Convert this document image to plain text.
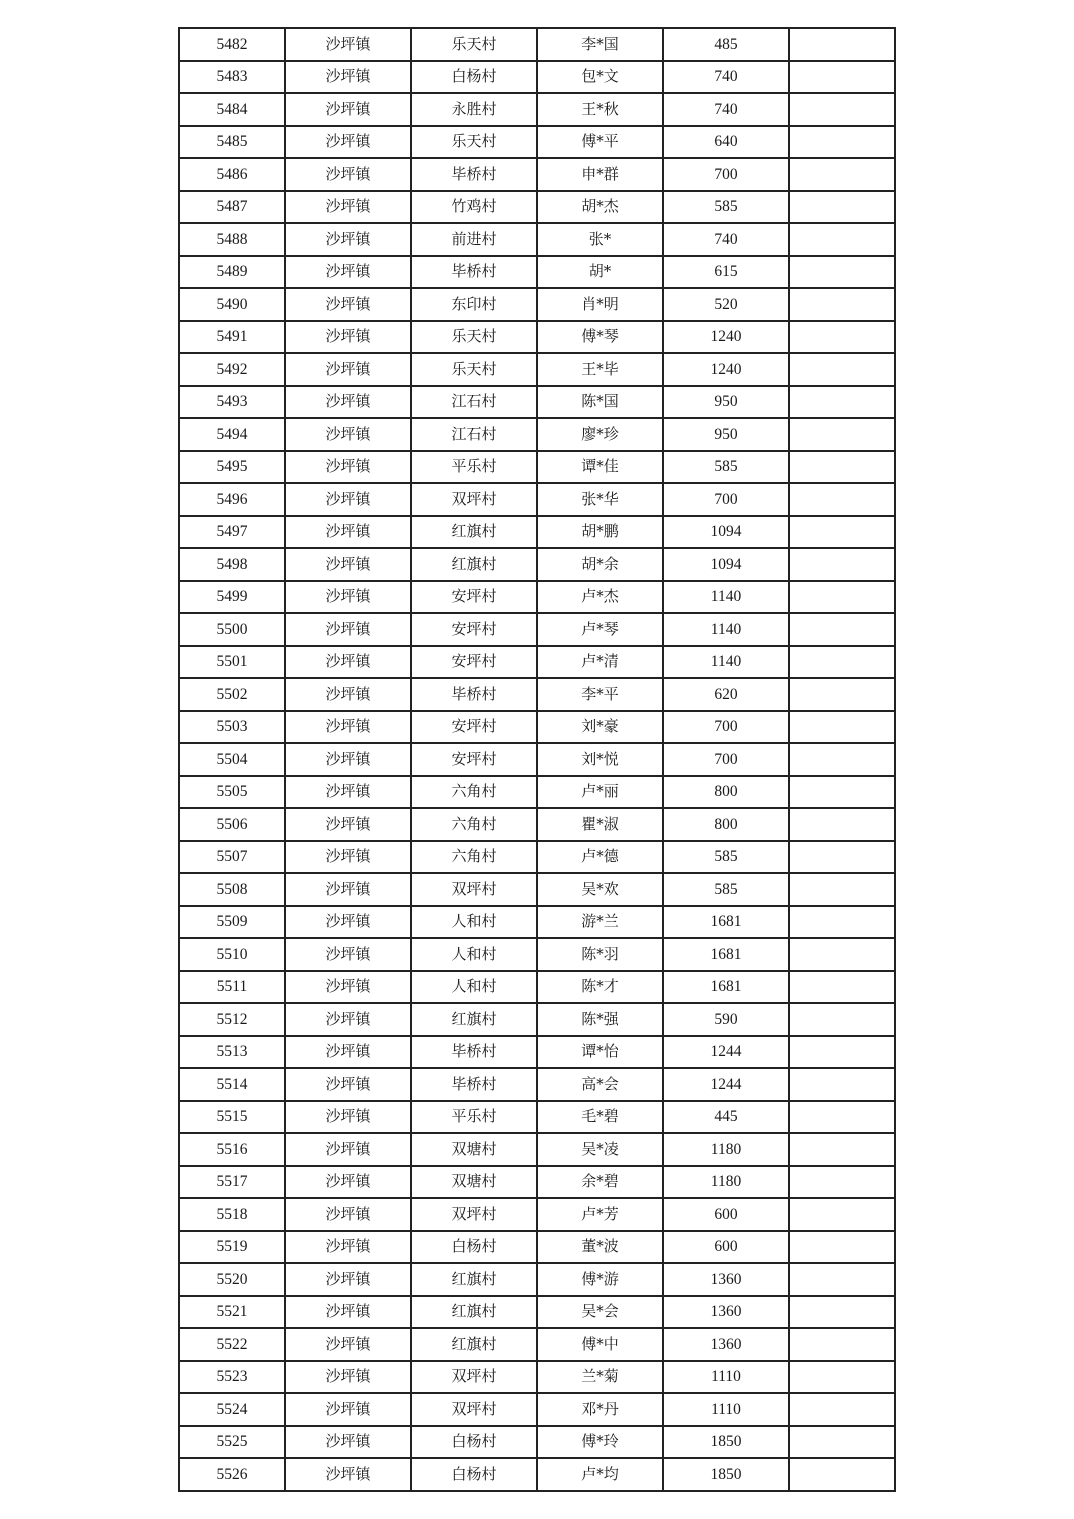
5482	沙坪镇	乐天村	李*国	485	
5483	沙坪镇	白杨村	包*文	740	
5484	沙坪镇	永胜村	王*秋	740	
5485	沙坪镇	乐天村	傅*平	640	
5486	沙坪镇	毕桥村	申*群	700	
5487	沙坪镇	竹鸡村	胡*杰	585	
5488	沙坪镇	前进村	张*	740	
5489	沙坪镇	毕桥村	胡*	615	
5490	沙坪镇	东印村	肖*明	520	
5491	沙坪镇	乐天村	傅*琴	1240	
5492	沙坪镇	乐天村	王*毕	1240	
5493	沙坪镇	江石村	陈*国	950	
5494	沙坪镇	江石村	廖*珍	950	
5495	沙坪镇	平乐村	谭*佳	585	
5496	沙坪镇	双坪村	张*华	700	
5497	沙坪镇	红旗村	胡*鹏	1094	
5498	沙坪镇	红旗村	胡*余	1094	
5499	沙坪镇	安坪村	卢*杰	1140	
5500	沙坪镇	安坪村	卢*琴	1140	
5501	沙坪镇	安坪村	卢*清	1140	
5502	沙坪镇	毕桥村	李*平	620	
5503	沙坪镇	安坪村	刘*豪	700	
5504	沙坪镇	安坪村	刘*悦	700	
5505	沙坪镇	六角村	卢*丽	800	
5506	沙坪镇	六角村	瞿*淑	800	
5507	沙坪镇	六角村	卢*德	585	
5508	沙坪镇	双坪村	吴*欢	585	
5509	沙坪镇	人和村	游*兰	1681	
5510	沙坪镇	人和村	陈*羽	1681	
5511	沙坪镇	人和村	陈*才	1681	
5512	沙坪镇	红旗村	陈*强	590	
5513	沙坪镇	毕桥村	谭*怡	1244	
5514	沙坪镇	毕桥村	高*会	1244	
5515	沙坪镇	平乐村	毛*碧	445	
5516	沙坪镇	双塘村	吴*凌	1180	
5517	沙坪镇	双塘村	余*碧	1180	
5518	沙坪镇	双坪村	卢*芳	600	
5519	沙坪镇	白杨村	董*波	600	
5520	沙坪镇	红旗村	傅*游	1360	
5521	沙坪镇	红旗村	吴*会	1360	
5522	沙坪镇	红旗村	傅*中	1360	
5523	沙坪镇	双坪村	兰*菊	1110	
5524	沙坪镇	双坪村	邓*丹	1110	
5525	沙坪镇	白杨村	傅*玲	1850	
5526	沙坪镇	白杨村	卢*均	1850	
